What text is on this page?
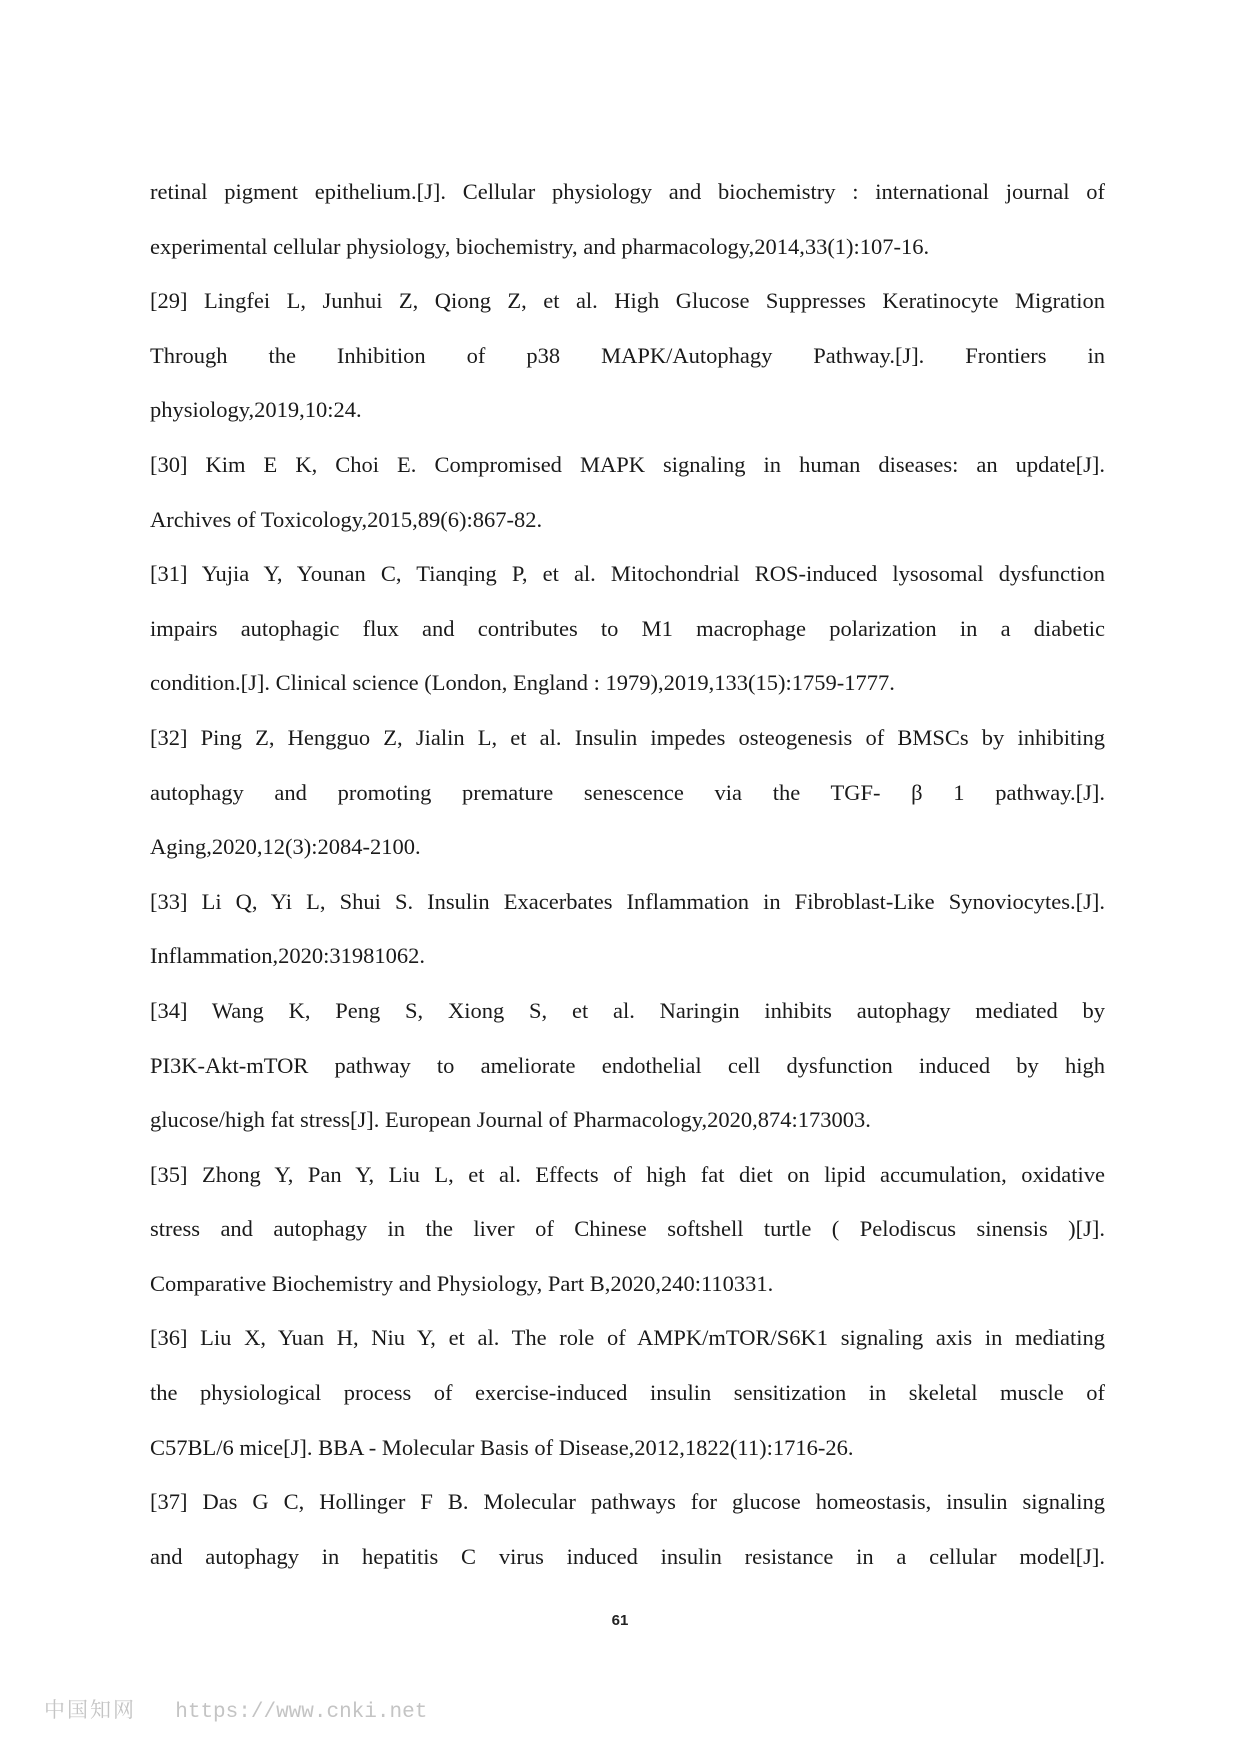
retinal pigment epithelium.[J]. Cellular physiology and biochemistry : international journal of
experimental cellular physiology, biochemistry, and pharmacology,2014,33(1):107-16.
[29] Lingfei L, Junhui Z, Qiong Z, et al. High Glucose Suppresses Keratinocyte Migration
Through the Inhibition of p38 MAPK/Autophagy Pathway.[J]. Frontiers in
physiology,2019,10:24.
[30] Kim E K, Choi E. Compromised MAPK signaling in human diseases: an update[J].
Archives of Toxicology,2015,89(6):867-82.
[31] Yujia Y, Younan C, Tianqing P, et al. Mitochondrial ROS-induced lysosomal dysfunction
impairs autophagic flux and contributes to M1 macrophage polarization in a diabetic
condition.[J]. Clinical science (London, England : 1979),2019,133(15):1759-1777.
[32] Ping Z, Hengguo Z, Jialin L, et al. Insulin impedes osteogenesis of BMSCs by inhibiting
autophagy and promoting premature senescence via the TGF- β 1 pathway.[J].
Aging,2020,12(3):2084-2100.
[33] Li Q, Yi L, Shui S. Insulin Exacerbates Inflammation in Fibroblast-Like Synoviocytes.[J].
Inflammation,2020:31981062.
[34] Wang K, Peng S, Xiong S, et al. Naringin inhibits autophagy mediated by
PI3K-Akt-mTOR pathway to ameliorate endothelial cell dysfunction induced by high
glucose/high fat stress[J]. European Journal of Pharmacology,2020,874:173003.
[35] Zhong Y, Pan Y, Liu L, et al. Effects of high fat diet on lipid accumulation, oxidative
stress and autophagy in the liver of Chinese softshell turtle ( Pelodiscus sinensis )[J].
Comparative Biochemistry and Physiology, Part B,2020,240:110331.
[36] Liu X, Yuan H, Niu Y, et al. The role of AMPK/mTOR/S6K1 signaling axis in mediating
the physiological process of exercise-induced insulin sensitization in skeletal muscle of
C57BL/6 mice[J]. BBA - Molecular Basis of Disease,2012,1822(11):1716-26.
[37] Das G C, Hollinger F B. Molecular pathways for glucose homeostasis, insulin signaling
and autophagy in hepatitis C virus induced insulin resistance in a cellular model[J].
61
中国知网 https://www.cnki.net
